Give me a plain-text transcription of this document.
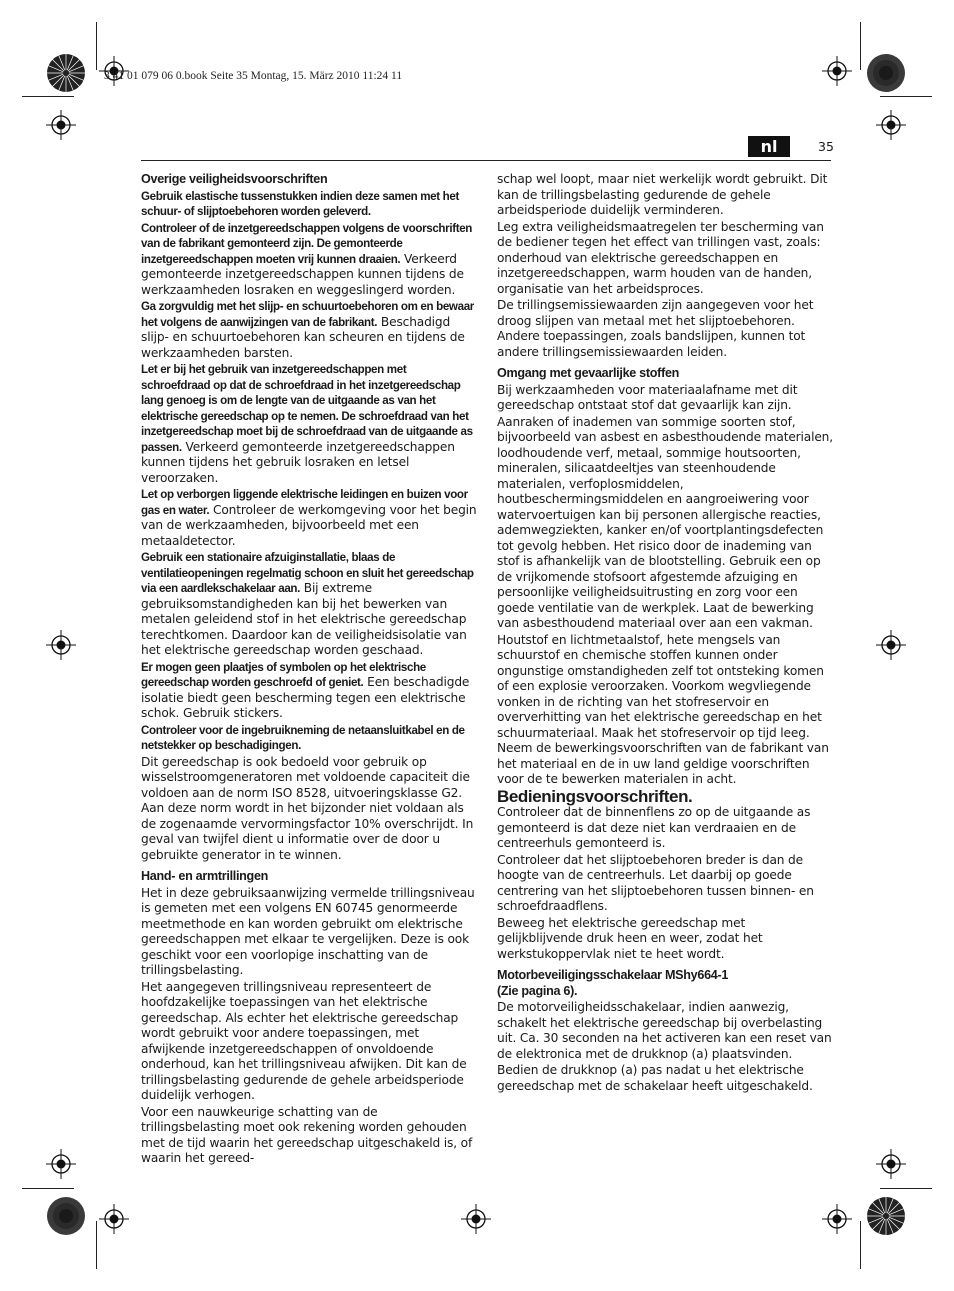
3 41 01 079 06 0.book Seite 35 Montag, 15. März 2010 11:24 11
nl	35

Overige veiligheidsvoorschriften

Gebruik elastische tussenstukken indien deze samen met het schuur- of slijptoebehoren worden geleverd.

Controleer of de inzetgereedschappen volgens de voorschriften van de fabrikant gemonteerd zijn. De gemonteerde inzetgereedschappen moeten vrij kunnen draaien. Verkeerd gemonteerde inzetgereedschappen kunnen tijdens de werkzaamheden losraken en weggeslingerd worden.

Ga zorgvuldig met het slijp- en schuurtoebehoren om en bewaar het volgens de aanwijzingen van de fabrikant. Beschadigd slijp- en schuurtoebehoren kan scheuren en tijdens de werkzaamheden barsten.

Let er bij het gebruik van inzetgereedschappen met schroefdraad op dat de schroefdraad in het inzetgereedschap lang genoeg is om de lengte van de uitgaande as van het elektrische gereedschap op te nemen. De schroefdraad van het inzetgereedschap moet bij de schroefdraad van de uitgaande as passen. Verkeerd gemonteerde inzetgereedschappen kunnen tijdens het gebruik losraken en letsel veroorzaken.

Let op verborgen liggende elektrische leidingen en buizen voor gas en water. Controleer de werkomgeving voor het begin van de werkzaamheden, bijvoorbeeld met een metaaldetector.

Gebruik een stationaire afzuiginstallatie, blaas de ventilatieopeningen regelmatig schoon en sluit het gereedschap via een aardlekschakelaar aan. Bij extreme gebruiksomstandigheden kan bij het bewerken van metalen geleidend stof in het elektrische gereedschap terechtkomen. Daardoor kan de veiligheidsisolatie van het elektrische gereedschap worden geschaad.

Er mogen geen plaatjes of symbolen op het elektrische gereedschap worden geschroefd of geniet. Een beschadigde isolatie biedt geen bescherming tegen een elektrische schok. Gebruik stickers.

Controleer voor de ingebruikneming de netaansluitkabel en de netstekker op beschadigingen.

Dit gereedschap is ook bedoeld voor gebruik op wisselstroomgeneratoren met voldoende capaciteit die voldoen aan de norm ISO 8528, uitvoeringsklasse G2. Aan deze norm wordt in het bijzonder niet voldaan als de zogenaamde vervormingsfactor 10% overschrijdt. In geval van twijfel dient u informatie over de door u gebruikte generator in te winnen.

Hand- en armtrillingen

Het in deze gebruiksaanwijzing vermelde trillingsniveau is gemeten met een volgens EN 60745 genormeerde meetmethode en kan worden gebruikt om elektrische gereedschappen met elkaar te vergelijken. Deze is ook geschikt voor een voorlopige inschatting van de trillingsbelasting.

Het aangegeven trillingsniveau representeert de hoofdzakelijke toepassingen van het elektrische gereedschap. Als echter het elektrische gereedschap wordt gebruikt voor andere toepassingen, met afwijkende inzetgereedschappen of onvoldoende onderhoud, kan het trillingsniveau afwijken. Dit kan de trillingsbelasting gedurende de gehele arbeidsperiode duidelijk verhogen.

Voor een nauwkeurige schatting van de trillingsbelasting moet ook rekening worden gehouden met de tijd waarin het gereedschap uitgeschakeld is, of waarin het gereed-

schap wel loopt, maar niet werkelijk wordt gebruikt. Dit kan de trillingsbelasting gedurende de gehele arbeidsperiode duidelijk verminderen.

Leg extra veiligheidsmaatregelen ter bescherming van de bediener tegen het effect van trillingen vast, zoals: onderhoud van elektrische gereedschappen en inzetgereedschappen, warm houden van de handen, organisatie van het arbeidsproces.

De trillingsemissiewaarden zijn aangegeven voor het droog slijpen van metaal met het slijptoebehoren. Andere toepassingen, zoals bandslijpen, kunnen tot andere trillingsemissiewaarden leiden.

Omgang met gevaarlijke stoffen

Bij werkzaamheden voor materiaalafname met dit gereedschap ontstaat stof dat gevaarlijk kan zijn.

Aanraken of inademen van sommige soorten stof, bijvoorbeeld van asbest en asbesthoudende materialen, loodhoudende verf, metaal, sommige houtsoorten, mineralen, silicaatdeeltjes van steenhoudende materialen, verfoplosmiddelen, houtbeschermingsmiddelen en aangroeiwering voor watervoertuigen kan bij personen allergische reacties, ademwegziekten, kanker en/of voortplantingsdefecten tot gevolg hebben. Het risico door de inademing van stof is afhankelijk van de blootstelling. Gebruik een op de vrijkomende stofsoort afgestemde afzuiging en persoonlijke veiligheidsuitrusting en zorg voor een goede ventilatie van de werkplek. Laat de bewerking van asbesthoudend materiaal over aan een vakman.

Houtstof en lichtmetaalstof, hete mengsels van schuurstof en chemische stoffen kunnen onder ongunstige omstandigheden zelf tot ontsteking komen of een explosie veroorzaken. Voorkom wegvliegende vonken in de richting van het stofreservoir en oververhitting van het elektrische gereedschap en het schuurmateriaal. Maak het stofreservoir op tijd leeg. Neem de bewerkingsvoorschriften van de fabrikant van het materiaal en de in uw land geldige voorschriften voor de te bewerken materialen in acht.

Bedieningsvoorschriften.

Controleer dat de binnenflens zo op de uitgaande as gemonteerd is dat deze niet kan verdraaien en de centreerhuls gemonteerd is.

Controleer dat het slijptoebehoren breder is dan de hoogte van de centreerhuls. Let daarbij op goede centrering van het slijptoebehoren tussen binnen- en schroefdraadflens.

Beweeg het elektrische gereedschap met gelijkblijvende druk heen en weer, zodat het werkstukoppervlak niet te heet wordt.

Motorbeveiligingsschakelaar MShy664-1
(Zie pagina 6).

De motorveiligheidsschakelaar, indien aanwezig, schakelt het elektrische gereedschap bij overbelasting uit. Ca. 30 seconden na het activeren kan een reset van de elektronica met de drukknop (a) plaatsvinden.

Bedien de drukknop (a) pas nadat u het elektrische gereedschap met de schakelaar heeft uitgeschakeld.
